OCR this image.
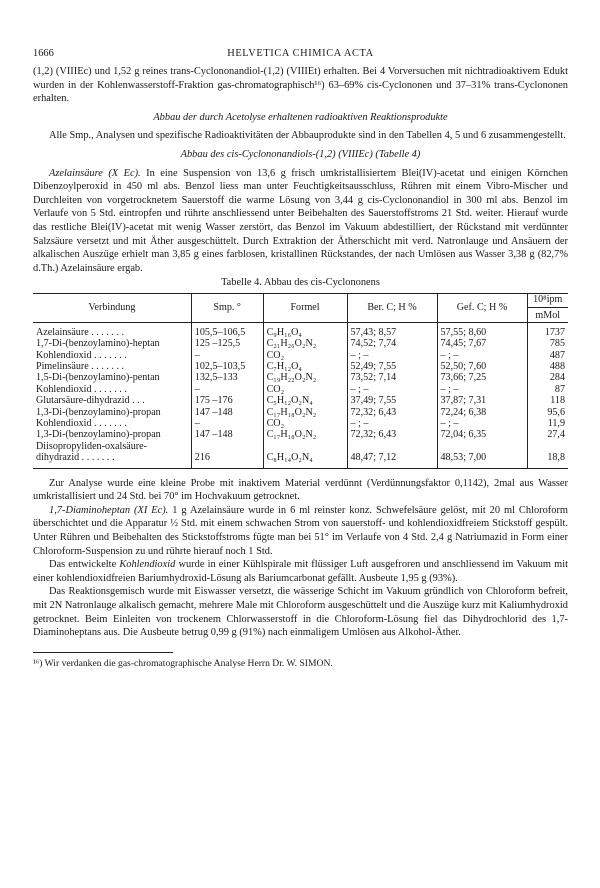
1666	HELVETICA CHIMICA ACTA

(1,2) (VIIIEc) und 1,52 g reines trans-Cyclononandiol-(1,2) (VIIIEt) erhalten. Bei 4 Vorversuchen mit nichtradioaktivem Edukt wurden in der Kohlenwasserstoff-Fraktion gas-chromatographisch¹⁶) 63–69% cis-Cyclononen und 37–31% trans-Cyclononen erhalten.

Abbau der durch Acetolyse erhaltenen radioaktiven Reaktionsprodukte

Alle Smp., Analysen und spezifische Radioaktivitäten der Abbauprodukte sind in den Tabellen 4, 5 und 6 zusammengestellt.

Abbau des cis-Cyclononandiols-(1,2) (VIIIEc) (Tabelle 4)

Azelainsäure (X Ec). In eine Suspension von 13,6 g frisch umkristallisiertem Blei(IV)-acetat und einigen Körnchen Dibenzoylperoxid in 450 ml abs. Benzol liess man unter Feuchtigkeitsausschluss, Rühren mit einem Vibro-Mischer und Durchleiten von vorgetrocknetem Sauerstoff die warme Lösung von 3,44 g cis-Cyclononandiol in 300 ml abs. Benzol im Verlaufe von 5 Std. eintropfen und rührte anschliessend unter Beibehalten des Sauerstoffstroms 21 Std. weiter. Hierauf wurde das restliche Blei(IV)-acetat mit wenig Wasser zerstört, das Benzol im Vakuum abdestilliert, der Rückstand mit verdünnter Salzsäure versetzt und mit Äther ausgeschüttelt. Durch Extraktion der Ätherschicht mit verd. Natronlauge und Ansäuern der alkalischen Auszüge erhielt man 3,85 g eines farblosen, kristallinen Rückstandes, der nach Umlösen aus Wasser 3,38 g (82,7% d.Th.) Azelainsäure ergab.

Tabelle 4. Abbau des cis-Cyclononens

Verbindung	Smp. °	Formel	Ber. C; H %	Gef. C; H %	10⁸ipm
mMol

Azelainsäure . . . . . . .	105,5–106,5	C₉H₁₆O₄	57,43; 8,57	57,55; 8,60	1737
1,7-Di-(benzoylamino)-heptan	125 –125,5	C₂₁H₂₆O₂N₂	74,52; 7,74	74,45; 7,67	785
Kohlendioxid . . . . . . .	–	CO₂	– ; –	– ; –	487
Pimelinsäure . . . . . . .	102,5–103,5	C₇H₁₂O₄	52,49; 7,55	52,50; 7,60	488
1,5-Di-(benzoylamino)-pentan	132,5–133	C₁₉H₂₂O₂N₂	73,52; 7,14	73,66; 7,25	284
Kohlendioxid . . . . . . .	–	CO₂	– ; –	– ; –	87
Glutarsäure-dihydrazid . . .	175 –176	C₅H₁₂O₂N₄	37,49; 7,55	37,87; 7,31	118
1,3-Di-(benzoylamino)-propan	147 –148	C₁₇H₁₈O₂N₂	72,32; 6,43	72,24; 6,38	95,6
Kohlendioxid . . . . . . .	–	CO₂	– ; –	– ; –	11,9
1,3-Di-(benzoylamino)-propan	147 –148	C₁₇H₁₈O₂N₂	72,32; 6,43	72,04; 6,35	27,4
Diisopropyliden-oxalsäure-					
dihydrazid . . . . . . .	216	C₈H₁₄O₂N₄	48,47; 7,12	48,53; 7,00	18,8

Zur Analyse wurde eine kleine Probe mit inaktivem Material verdünnt (Verdünnungsfaktor 0,1142), 2mal aus Wasser umkristallisiert und 24 Std. bei 70° im Hochvakuum getrocknet.

1,7-Diaminoheptan (XI Ec). 1 g Azelainsäure wurde in 6 ml reinster konz. Schwefelsäure gelöst, mit 20 ml Chloroform überschichtet und die Apparatur ½ Std. mit einem schwachen Strom von sauerstoff- und kohlendioxidfreiem Stickstoff gespült. Unter Rühren und Beibehalten des Stickstoffstroms fügte man bei 51° im Verlaufe von 4 Std. 2,4 g Natriumazid in Form einer Chloroform-Suspension zu und rührte hierauf noch 1 Std.

Das entwickelte Kohlendioxid wurde in einer Kühlspirale mit flüssiger Luft ausgefroren und anschliessend im Vakuum mit einer kohlendioxidfreien Bariumhydroxid-Lösung als Bariumcarbonat gefällt. Ausbeute 1,95 g (93%).

Das Reaktionsgemisch wurde mit Eiswasser versetzt, die wässerige Schicht im Vakuum gründlich von Chloroform befreit, mit 2N Natronlauge alkalisch gemacht, mehrere Male mit Chloroform ausgeschüttelt und die Auszüge kurz mit Kaliumhydroxid getrocknet. Beim Einleiten von trockenem Chlorwasserstoff in die Chloroform-Lösung fiel das Dihydrochlorid des 1,7-Diaminoheptans aus. Die Ausbeute betrug 0,99 g (91%) nach einmaligem Umlösen aus Alkohol-Äther.

¹⁶) Wir verdanken die gas-chromatographische Analyse Herrn Dr. W. SIMON.
